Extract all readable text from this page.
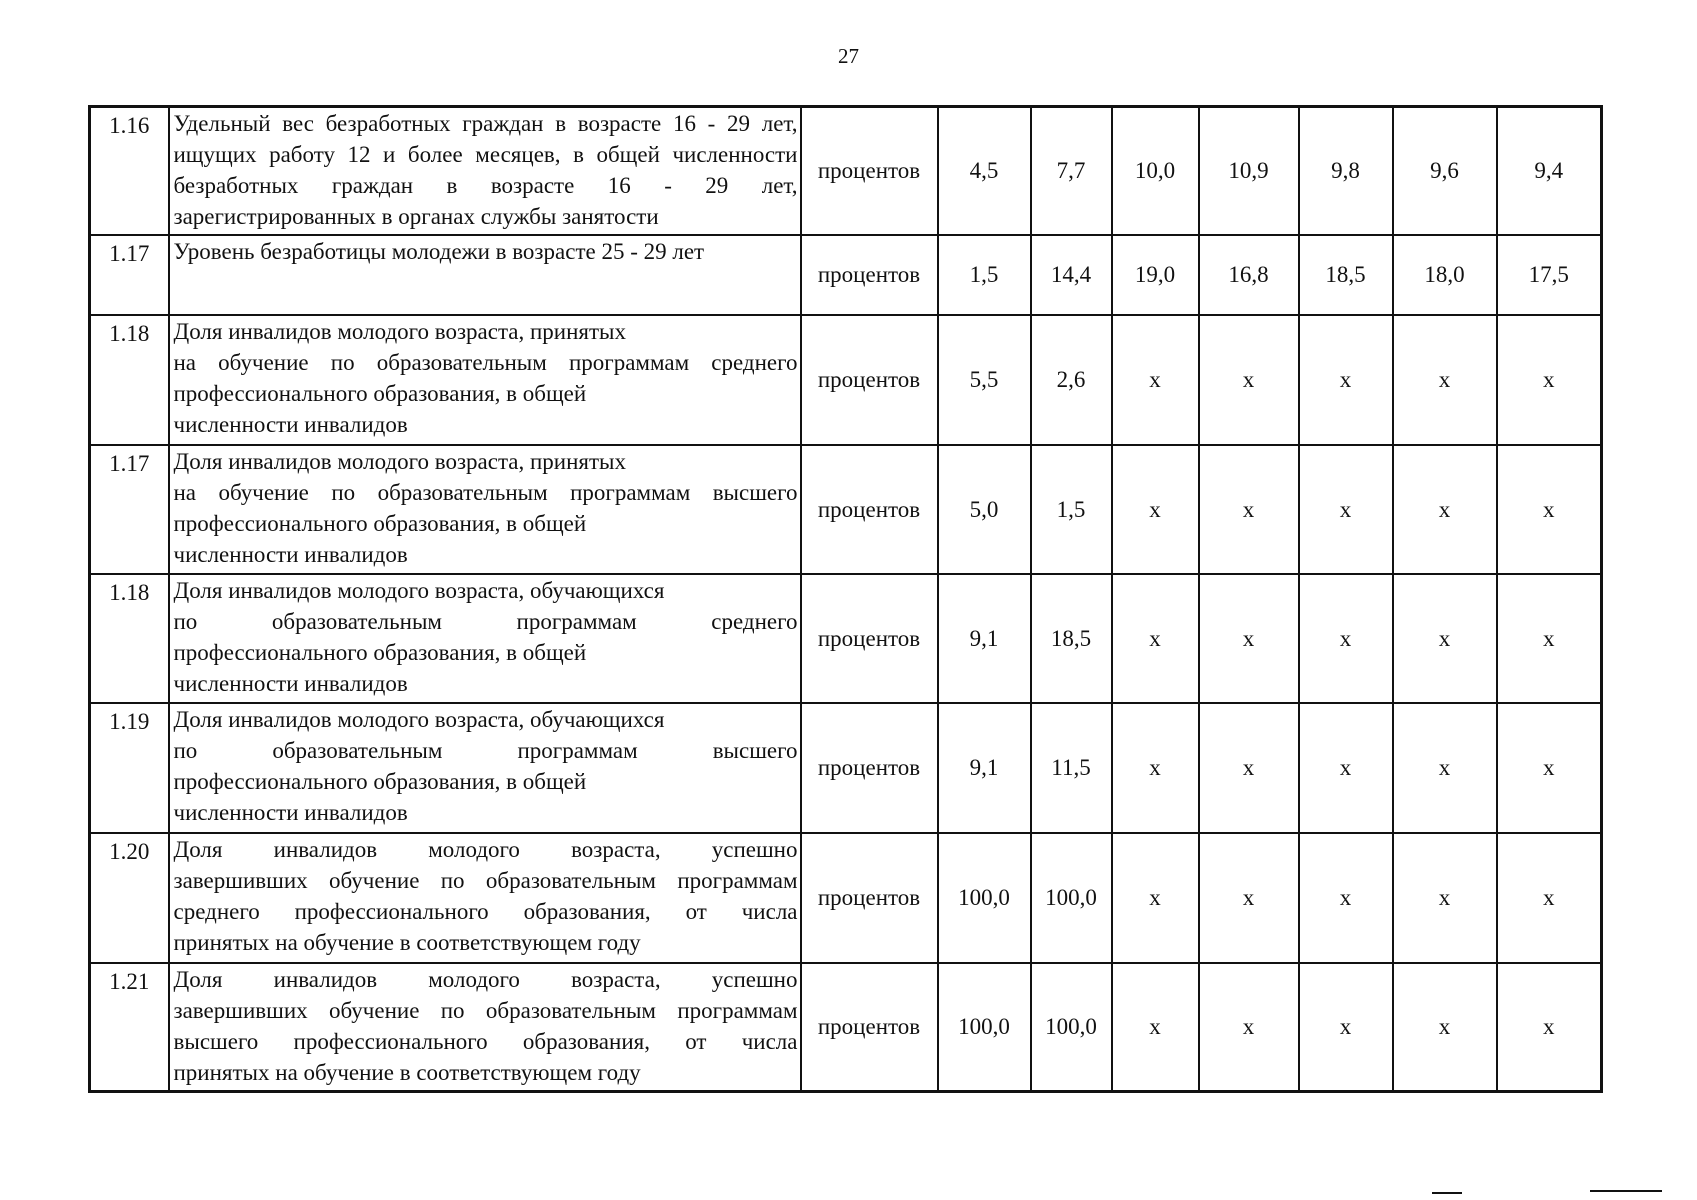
27
1.16	Удельный вес безработных граждан в возрасте 16 - 29 лет,
ищущих работу 12 и более месяцев, в общей численности
безработных граждан в возрасте 16 - 29 лет,
зарегистрированных в органах службы занятости	процентов	4,5	7,7	10,0	10,9	9,8	9,6	9,4
1.17	Уровень безработицы молодежи в возрасте 25 - 29 лет	процентов	1,5	14,4	19,0	16,8	18,5	18,0	17,5
1.18	Доля инвалидов молодого возраста, принятых
на обучение по образовательным программам среднего
профессионального образования, в общей
численности инвалидов	процентов	5,5	2,6	x	x	x	x	x
1.17	Доля инвалидов молодого возраста, принятых
на обучение по образовательным программам высшего
профессионального образования, в общей
численности инвалидов	процентов	5,0	1,5	x	x	x	x	x
1.18	Доля инвалидов молодого возраста, обучающихся
по образовательным программам среднего
профессионального образования, в общей
численности инвалидов	процентов	9,1	18,5	x	x	x	x	x
1.19	Доля инвалидов молодого возраста, обучающихся
по образовательным программам высшего
профессионального образования, в общей
численности инвалидов	процентов	9,1	11,5	x	x	x	x	x
1.20	Доля инвалидов молодого возраста, успешно
завершивших обучение по образовательным программам
среднего профессионального образования, от числа
принятых на обучение в соответствующем году	процентов	100,0	100,0	x	x	x	x	x
1.21	Доля инвалидов молодого возраста, успешно
завершивших обучение по образовательным программам
высшего профессионального образования, от числа
принятых на обучение в соответствующем году	процентов	100,0	100,0	x	x	x	x	x
